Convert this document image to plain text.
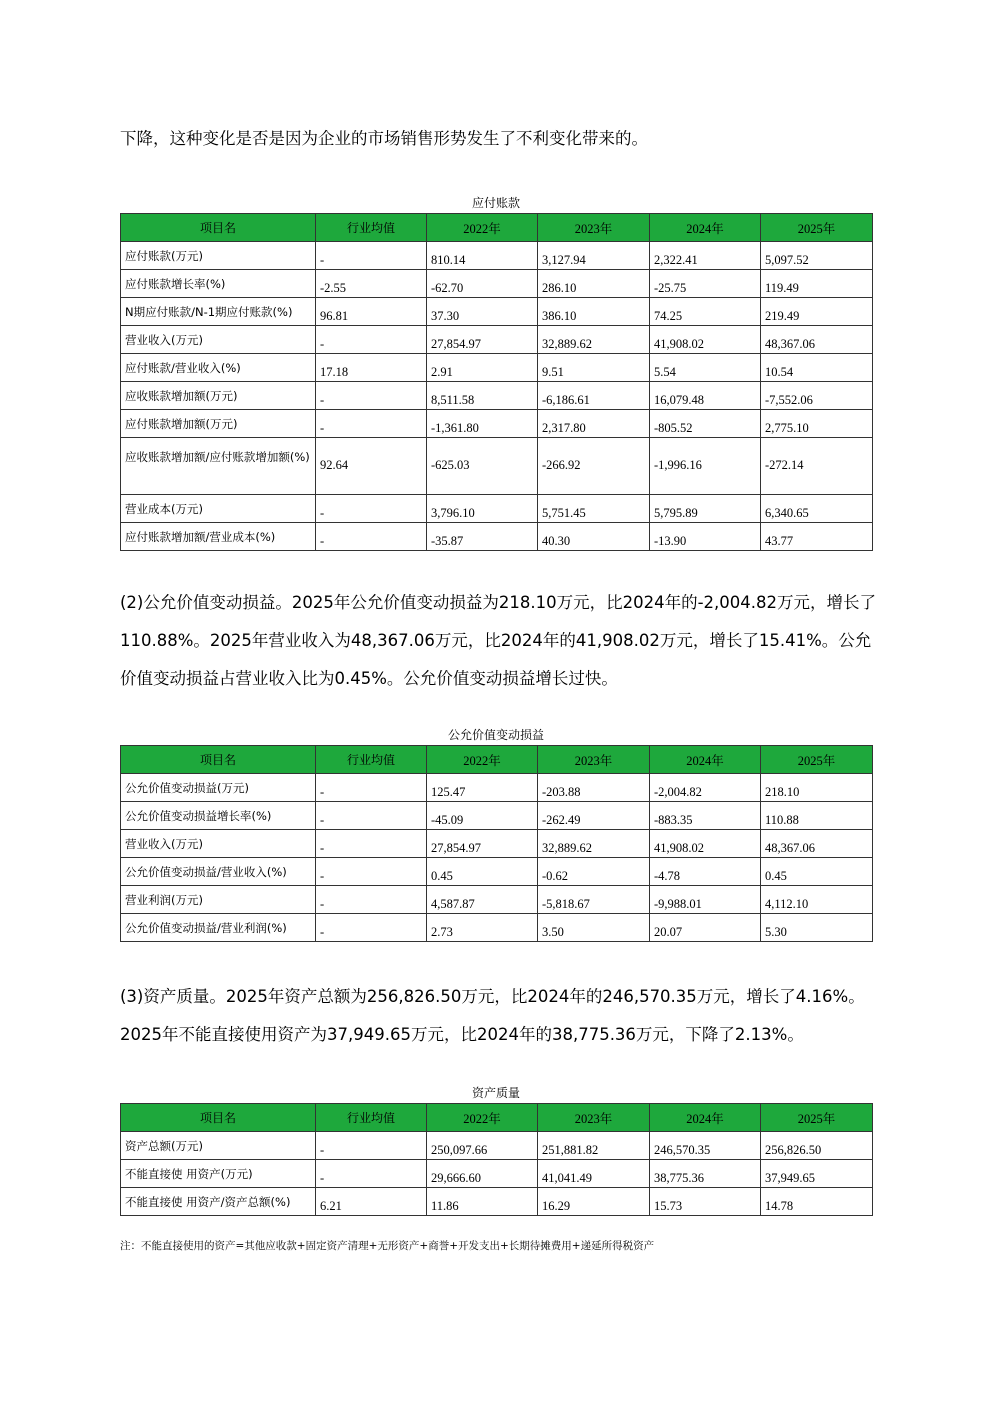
下降，这种变化是否是因为企业的市场销售形势发生了不利变化带来的。
应付账款
项目名	行业均值	2022年	2023年	2024年	2025年
应付账款(万元)	-	810.14	3,127.94	2,322.41	5,097.52
应付账款增长率(%)	-2.55	-62.70	286.10	-25.75	119.49
N期应付账款/N-1期应付账款(%)	96.81	37.30	386.10	74.25	219.49
营业收入(万元)	-	27,854.97	32,889.62	41,908.02	48,367.06
应付账款/营业收入(%)	17.18	2.91	9.51	5.54	10.54
应收账款增加额(万元)	-	8,511.58	-6,186.61	16,079.48	-7,552.06
应付账款增加额(万元)	-	-1,361.80	2,317.80	-805.52	2,775.10
应收账款增加额/应付账款增加额(%)	92.64	-625.03	-266.92	-1,996.16	-272.14
营业成本(万元)	-	3,796.10	5,751.45	5,795.89	6,340.65
应付账款增加额/营业成本(%)	-	-35.87	40.30	-13.90	43.77
(2)公允价值变动损益。2025年公允价值变动损益为218.10万元，比2024年的-2,004.82万元，增长了110.88%。2025年营业收入为48,367.06万元，比2024年的41,908.02万元，增长了15.41%。公允价值变动损益占营业收入比为0.45%。公允价值变动损益增长过快。
公允价值变动损益
项目名	行业均值	2022年	2023年	2024年	2025年
公允价值变动损益(万元)	-	125.47	-203.88	-2,004.82	218.10
公允价值变动损益增长率(%)	-	-45.09	-262.49	-883.35	110.88
营业收入(万元)	-	27,854.97	32,889.62	41,908.02	48,367.06
公允价值变动损益/营业收入(%)	-	0.45	-0.62	-4.78	0.45
营业利润(万元)	-	4,587.87	-5,818.67	-9,988.01	4,112.10
公允价值变动损益/营业利润(%)	-	2.73	3.50	20.07	5.30
(3)资产质量。2025年资产总额为256,826.50万元，比2024年的246,570.35万元，增长了4.16%。2025年不能直接使用资产为37,949.65万元，比2024年的38,775.36万元，下降了2.13%。
资产质量
项目名	行业均值	2022年	2023年	2024年	2025年
资产总额(万元)	-	250,097.66	251,881.82	246,570.35	256,826.50
不能直接使 用资产(万元)	-	29,666.60	41,041.49	38,775.36	37,949.65
不能直接使 用资产/资产总额(%)	6.21	11.86	16.29	15.73	14.78
注：不能直接使用的资产=其他应收款+固定资产清理+无形资产+商誉+开发支出+长期待摊费用+递延所得税资产
